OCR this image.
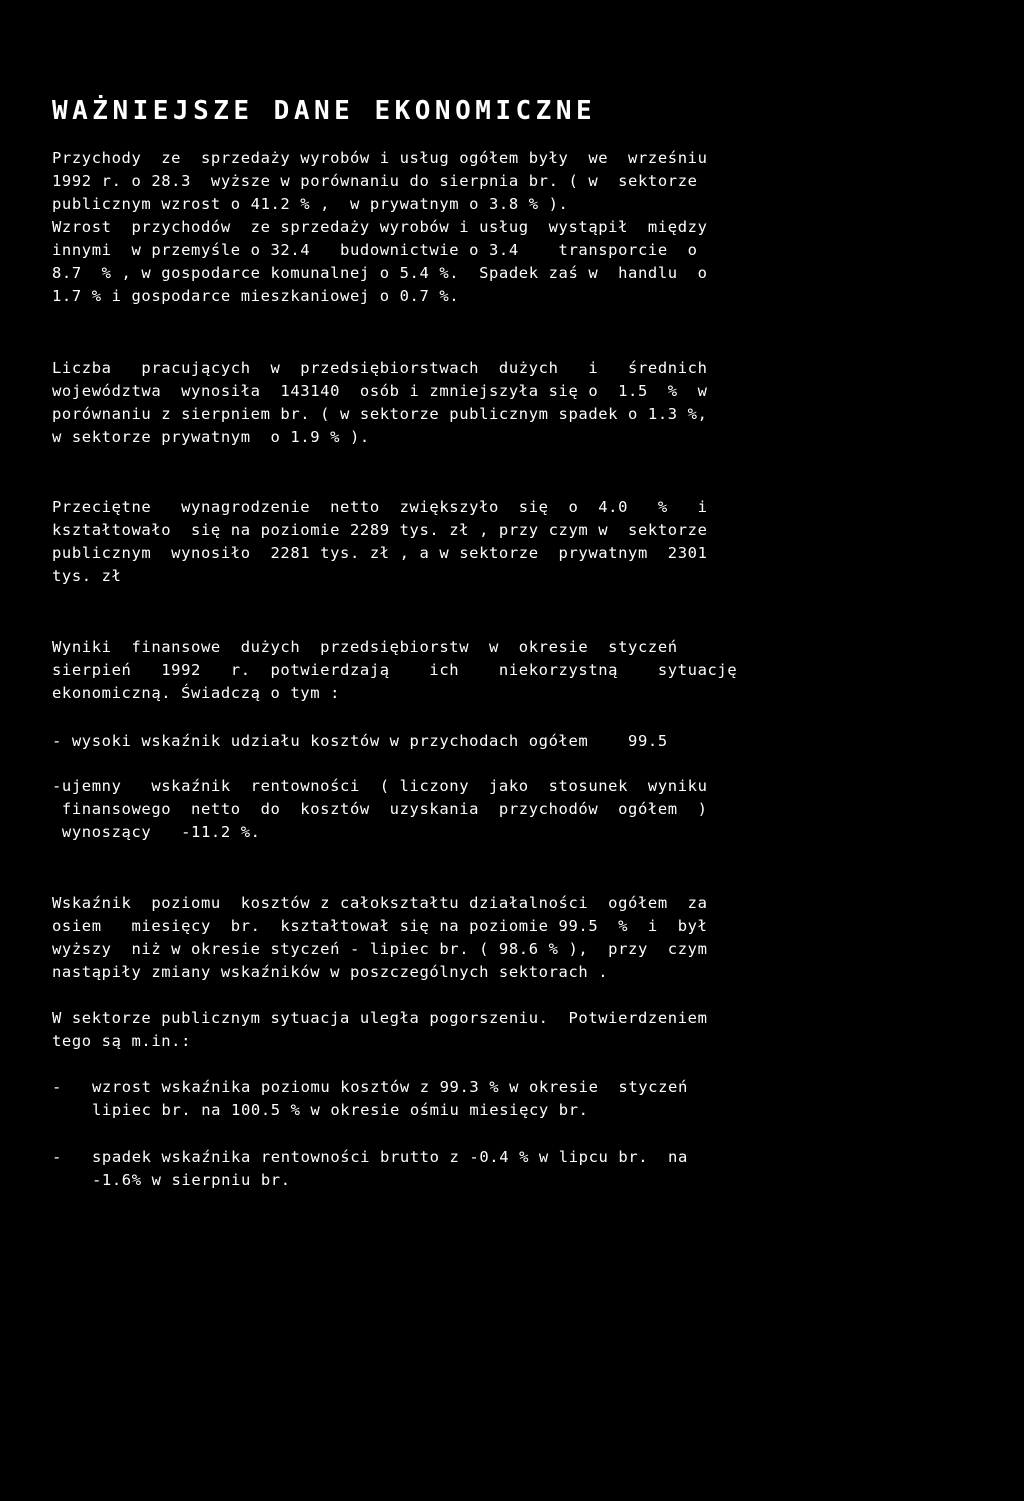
WAŻNIEJSZE DANE EKONOMICZNE
Przychody  ze  sprzedaży wyrobów i usług ogółem były  we  wrześniu
1992 r. o 28.3  wyższe w porównaniu do sierpnia br. ( w  sektorze
publicznym wzrost o 41.2 % ,  w prywatnym o 3.8 % ).
Wzrost  przychodów  ze sprzedaży wyrobów i usług  wystąpił  między
innymi  w przemyśle o 32.4   budownictwie o 3.4    transporcie  o
8.7  % , w gospodarce komunalnej o 5.4 %.  Spadek zaś w  handlu  o
1.7 % i gospodarce mieszkaniowej o 0.7 %.
Liczba   pracujących  w  przedsiębiorstwach  dużych   i   średnich
województwa  wynosiła  143140  osób i zmniejszyła się o  1.5  %  w
porównaniu z sierpniem br. ( w sektorze publicznym spadek o 1.3 %,
w sektorze prywatnym  o 1.9 % ).
Przeciętne   wynagrodzenie  netto  zwiększyło  się  o  4.0   %   i
kształtowało  się na poziomie 2289 tys. zł , przy czym w  sektorze
publicznym  wynosiło  2281 tys. zł , a w sektorze  prywatnym  2301
tys. zł
Wyniki  finansowe  dużych  przedsiębiorstw  w  okresie  styczeń
sierpień   1992   r.  potwierdzają    ich    niekorzystną    sytuację
ekonomiczną. Świadczą o tym :
- wysoki wskaźnik udziału kosztów w przychodach ogółem    99.5
-ujemny   wskaźnik  rentowności  ( liczony  jako  stosunek  wyniku
finansowego  netto  do  kosztów  uzyskania  przychodów  ogółem  )
wynoszący   -11.2 %.
Wskaźnik  poziomu  kosztów z całokształtu działalności  ogółem  za
osiem   miesięcy  br.  kształtował się na poziomie 99.5  %  i  był
wyższy  niż w okresie styczeń - lipiec br. ( 98.6 % ),  przy  czym
nastąpiły zmiany wskaźników w poszczególnych sektorach .
W sektorze publicznym sytuacja uległa pogorszeniu.  Potwierdzeniem
tego są m.in.:
- wzrost wskaźnika poziomu kosztów z 99.3 % w okresie  styczeń
lipiec br. na 100.5 % w okresie ośmiu miesięcy br.
- spadek wskaźnika rentowności brutto z -0.4 % w lipcu br.  na
-1.6% w sierpniu br.
